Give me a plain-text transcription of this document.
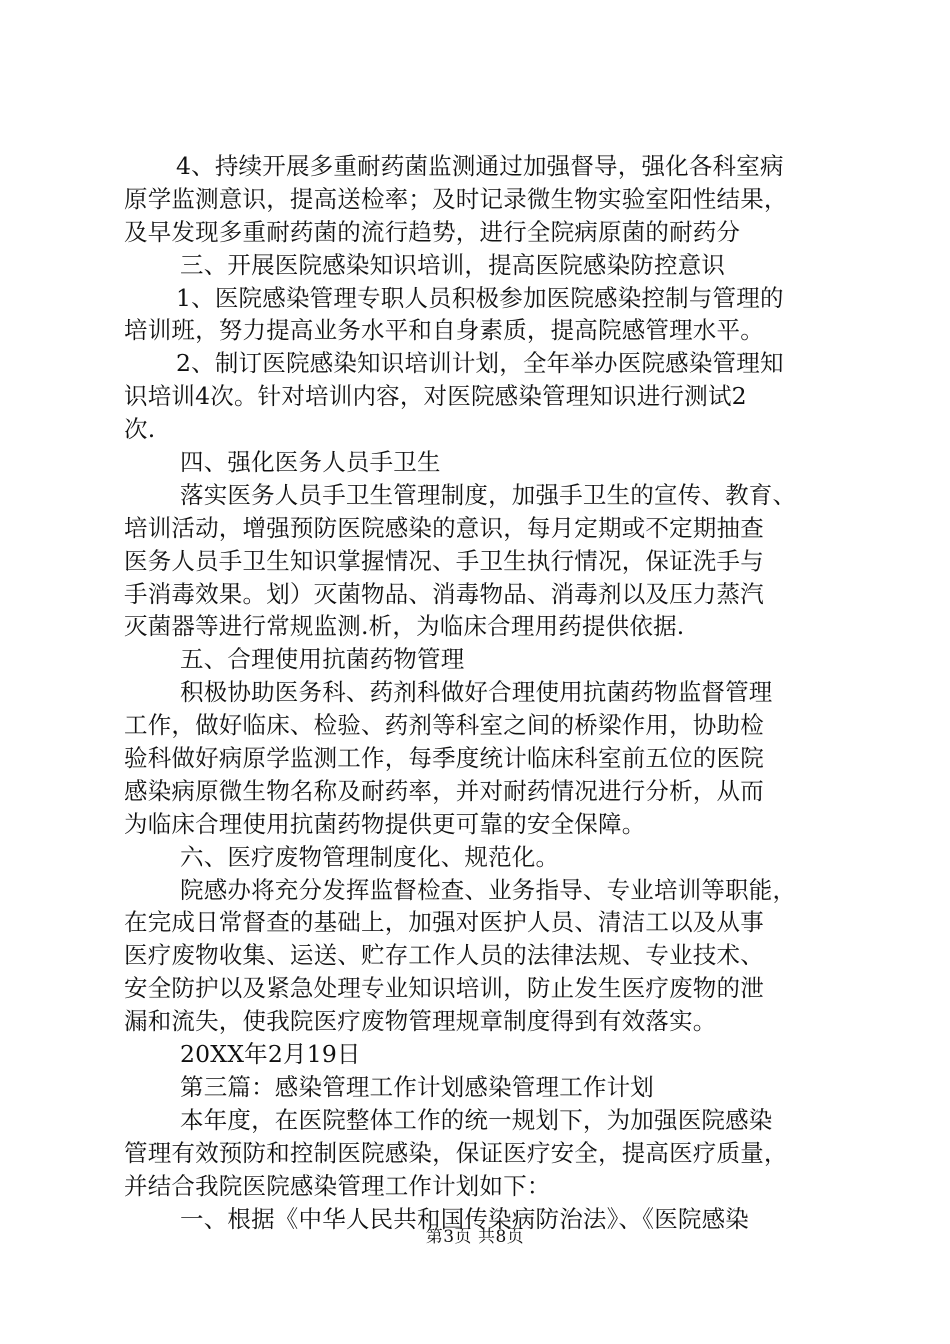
4、持续开展多重耐药菌监测通过加强督导，强化各科室病
原学监测意识，提高送检率；及时记录微生物实验室阳性结果，
及早发现多重耐药菌的流行趋势，进行全院病原菌的耐药分
三、开展医院感染知识培训，提高医院感染防控意识
1、医院感染管理专职人员积极参加医院感染控制与管理的
培训班，努力提高业务水平和自身素质，提高院感管理水平。
2、制订医院感染知识培训计划，全年举办医院感染管理知
识培训4次。针对培训内容，对医院感染管理知识进行测试2
次.
四、强化医务人员手卫生
落实医务人员手卫生管理制度，加强手卫生的宣传、教育、
培训活动，增强预防医院感染的意识，每月定期或不定期抽查
医务人员手卫生知识掌握情况、手卫生执行情况，保证洗手与
手消毒效果。划）灭菌物品、消毒物品、消毒剂以及压力蒸汽
灭菌器等进行常规监测.析，为临床合理用药提供依据.
五、合理使用抗菌药物管理
积极协助医务科、药剂科做好合理使用抗菌药物监督管理
工作，做好临床、检验、药剂等科室之间的桥梁作用，协助检
验科做好病原学监测工作，每季度统计临床科室前五位的医院
感染病原微生物名称及耐药率，并对耐药情况进行分析，从而
为临床合理使用抗菌药物提供更可靠的安全保障。
六、医疗废物管理制度化、规范化。
院感办将充分发挥监督检查、业务指导、专业培训等职能，
在完成日常督查的基础上，加强对医护人员、清洁工以及从事
医疗废物收集、运送、贮存工作人员的法律法规、专业技术、
安全防护以及紧急处理专业知识培训，防止发生医疗废物的泄
漏和流失，使我院医疗废物管理规章制度得到有效落实。
20XX年2月19日
第三篇：感染管理工作计划感染管理工作计划
本年度，在医院整体工作的统一规划下，为加强医院感染
管理有效预防和控制医院感染，保证医疗安全，提高医疗质量，
并结合我院医院感染管理工作计划如下：
一、根据《中华人民共和国传染病防治法》、《医院感染
第3页 共8页
